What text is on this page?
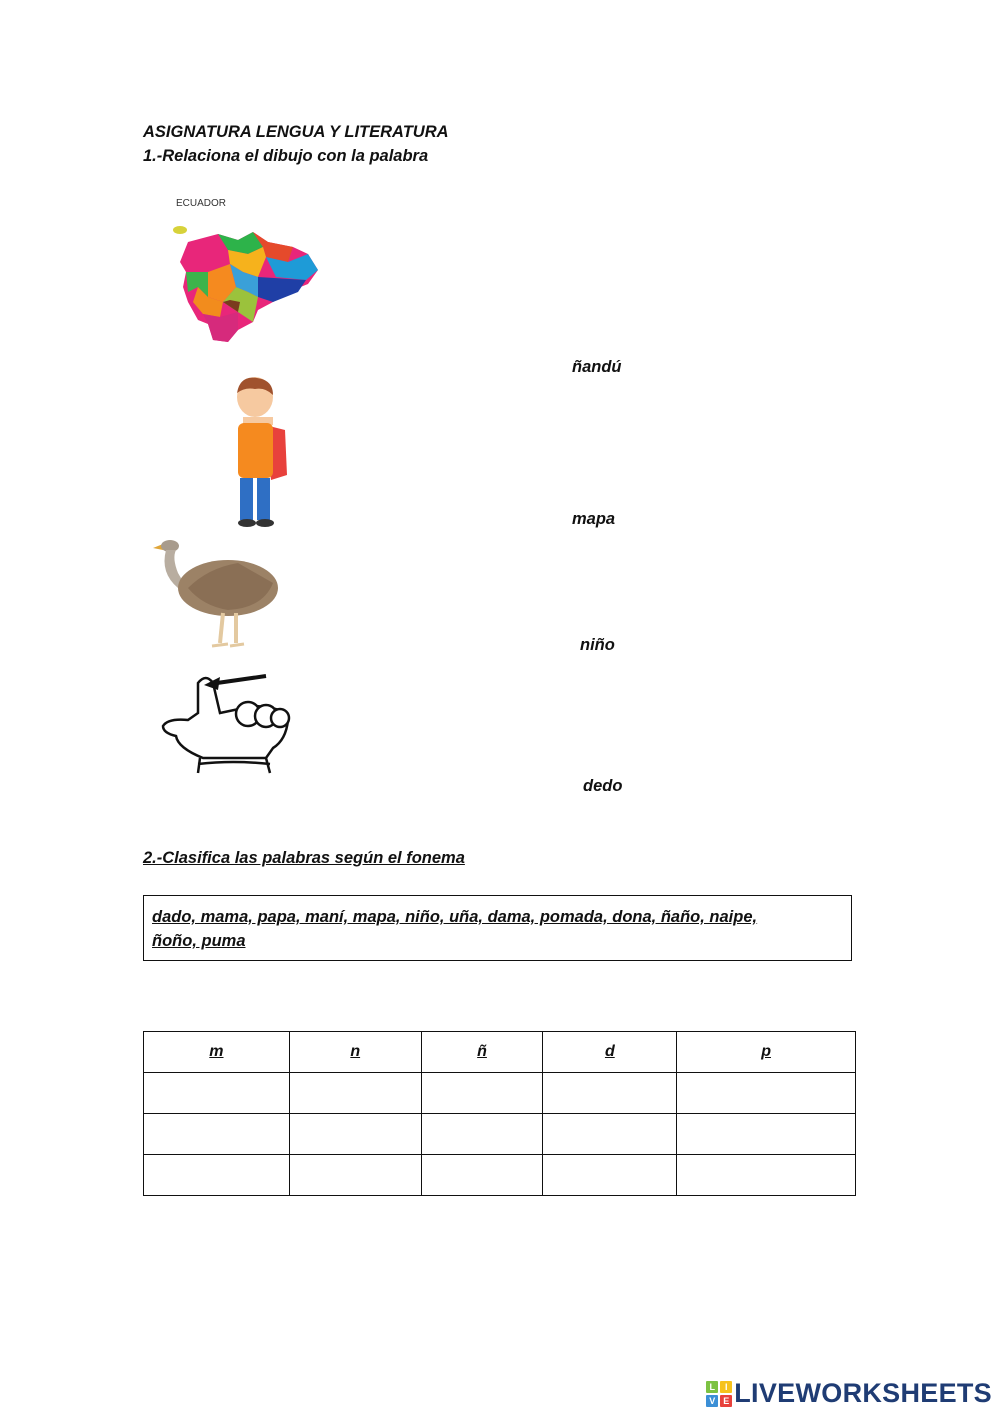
ASIGNATURA LENGUA Y LITERATURA
1.-Relaciona el dibujo con la palabra
ECUADOR
ñandú
mapa
niño
dedo
2.-Clasifica las palabras según el fonema
dado, mama, papa, maní, mapa, niño, uña, dama, pomada, dona, ñaño, naipe,
ñoño, puma
m	n	ñ	d	p

L	I
V E LIVEWORKSHEETS
